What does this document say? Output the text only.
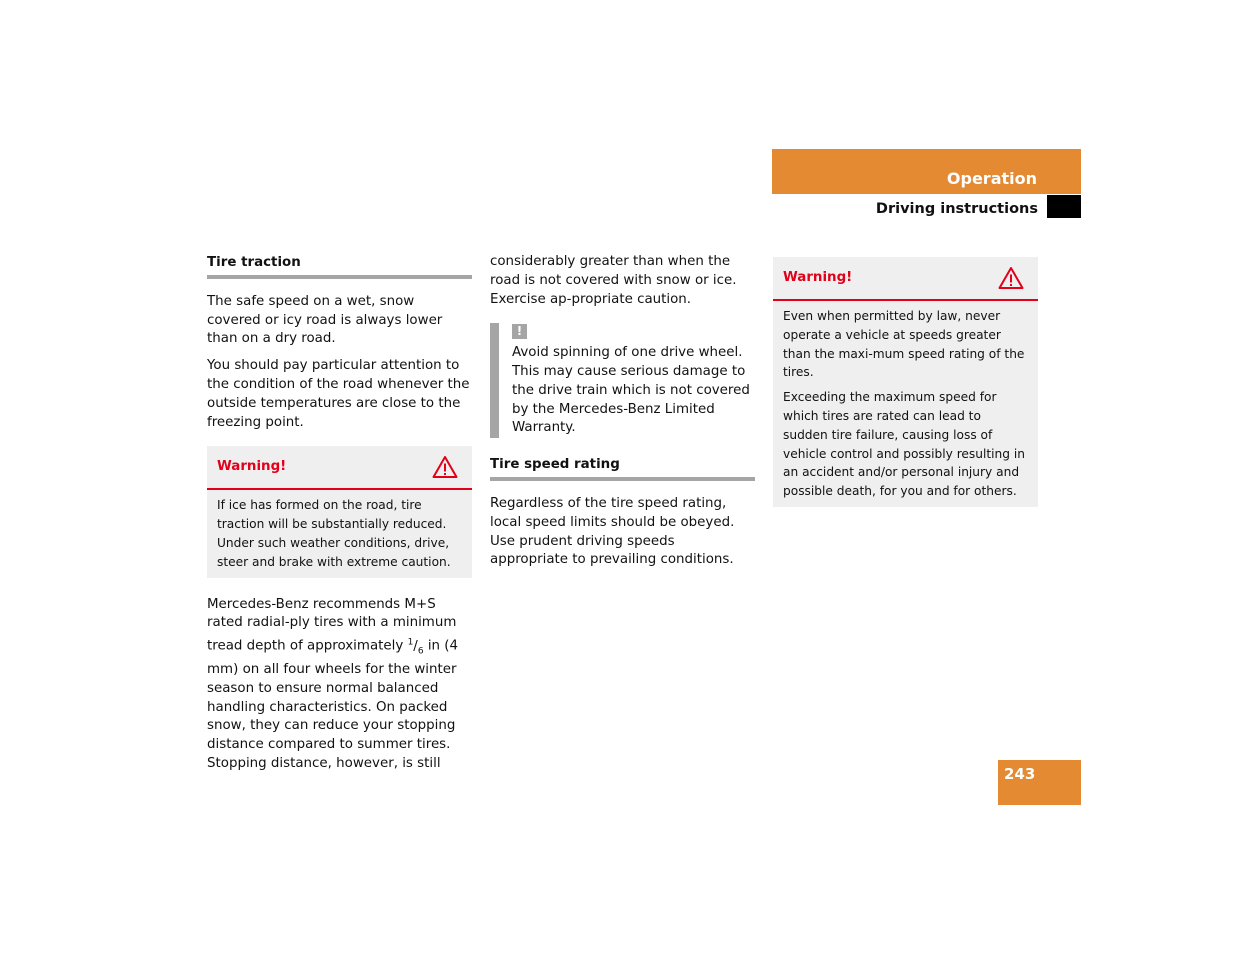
Operation
Driving instructions
Tire traction

The safe speed on a wet, snow covered or icy road is always lower than on a dry road.

You should pay particular attention to the condition of the road whenever the outside temperatures are close to the freezing point.

Warning!

If ice has formed on the road, tire traction will be substantially reduced. Under such weather conditions, drive, steer and brake with extreme caution.

Mercedes-Benz recommends M+S rated radial-ply tires with a minimum tread depth of approximately $^1/_6$ in (4 mm) on all four wheels for the winter season to ensure normal balanced handling characteristics. On packed snow, they can reduce your stopping distance compared to summer tires. Stopping distance, however, is still

considerably greater than when the road is not covered with snow or ice. Exercise ap-propriate caution.

!

Avoid spinning of one drive wheel. This may cause serious damage to the drive train which is not covered by the Mercedes-Benz Limited Warranty.

Tire speed rating

Regardless of the tire speed rating, local speed limits should be obeyed. Use prudent driving speeds appropriate to prevailing conditions.

Warning!

Even when permitted by law, never operate a vehicle at speeds greater than the maxi-mum speed rating of the tires.

Exceeding the maximum speed for which tires are rated can lead to sudden tire failure, causing loss of vehicle control and possibly resulting in an accident and/or personal injury and possible death, for you and for others.

243
